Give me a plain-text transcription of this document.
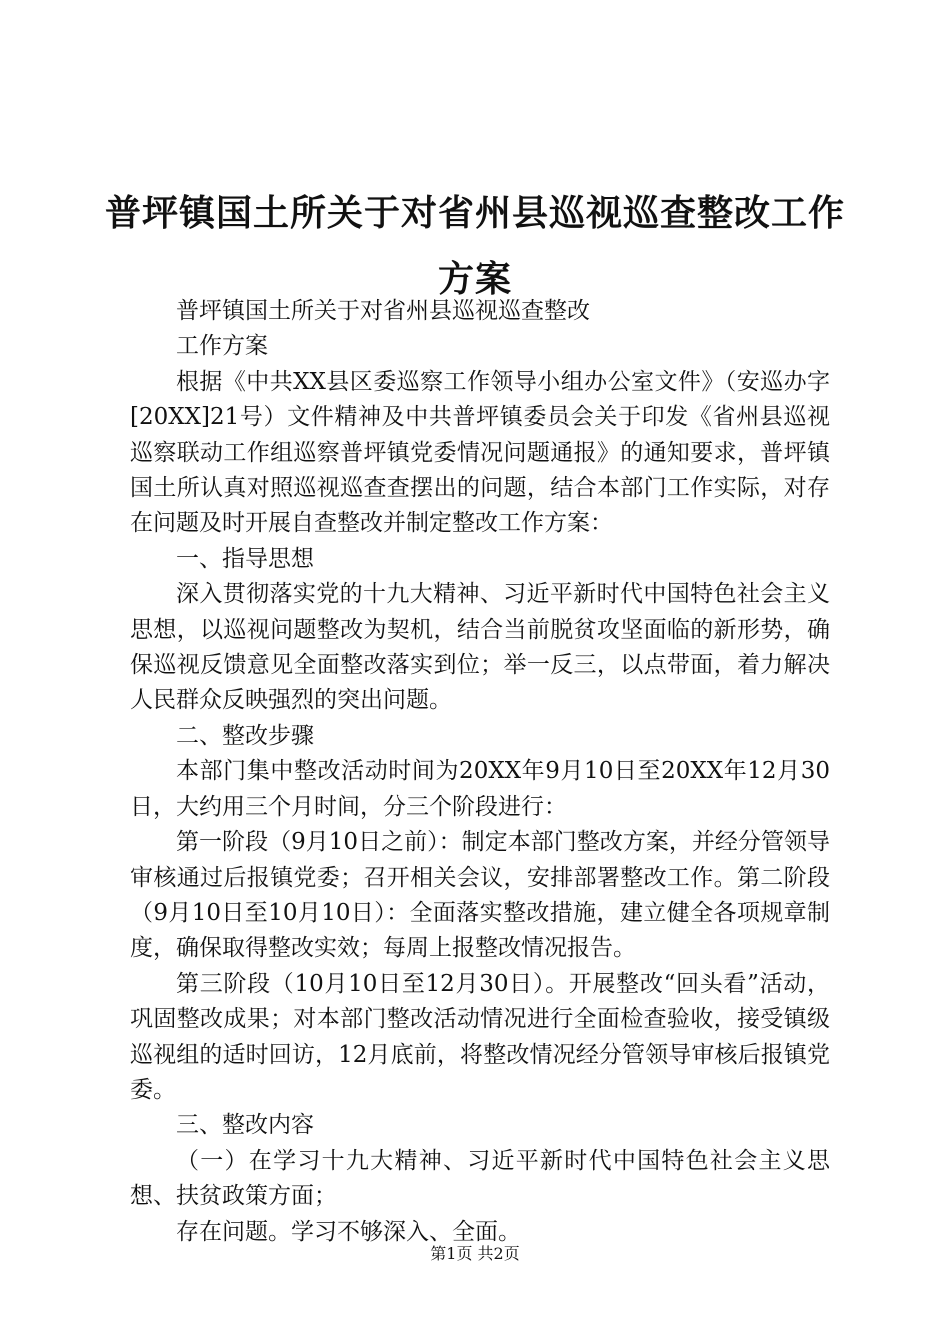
普坪镇国土所关于对省州县巡视巡查整改工作方案

普坪镇国土所关于对省州县巡视巡查整改

工作方案

根据《中共XX县区委巡察工作领导小组办公室文件》（安巡办字[20XX]21号）文件精神及中共普坪镇委员会关于印发《省州县巡视巡察联动工作组巡察普坪镇党委情况问题通报》的通知要求，普坪镇国土所认真对照巡视巡查查摆出的问题，结合本部门工作实际，对存在问题及时开展自查整改并制定整改工作方案：

一、指导思想

深入贯彻落实党的十九大精神、习近平新时代中国特色社会主义思想，以巡视问题整改为契机，结合当前脱贫攻坚面临的新形势，确保巡视反馈意见全面整改落实到位；举一反三，以点带面，着力解决人民群众反映强烈的突出问题。

二、整改步骤

本部门集中整改活动时间为20XX年9月10日至20XX年12月30日，大约用三个月时间，分三个阶段进行：

第一阶段（9月10日之前）：制定本部门整改方案，并经分管领导审核通过后报镇党委；召开相关会议，安排部署整改工作。第二阶段（9月10日至10月10日）：全面落实整改措施，建立健全各项规章制度，确保取得整改实效；每周上报整改情况报告。

第三阶段（10月10日至12月30日）。开展整改“回头看”活动，巩固整改成果；对本部门整改活动情况进行全面检查验收，接受镇级巡视组的适时回访，12月底前，将整改情况经分管领导审核后报镇党委。

三、整改内容

（一）在学习十九大精神、习近平新时代中国特色社会主义思想、扶贫政策方面；

存在问题。学习不够深入、全面。

第1页 共2页
